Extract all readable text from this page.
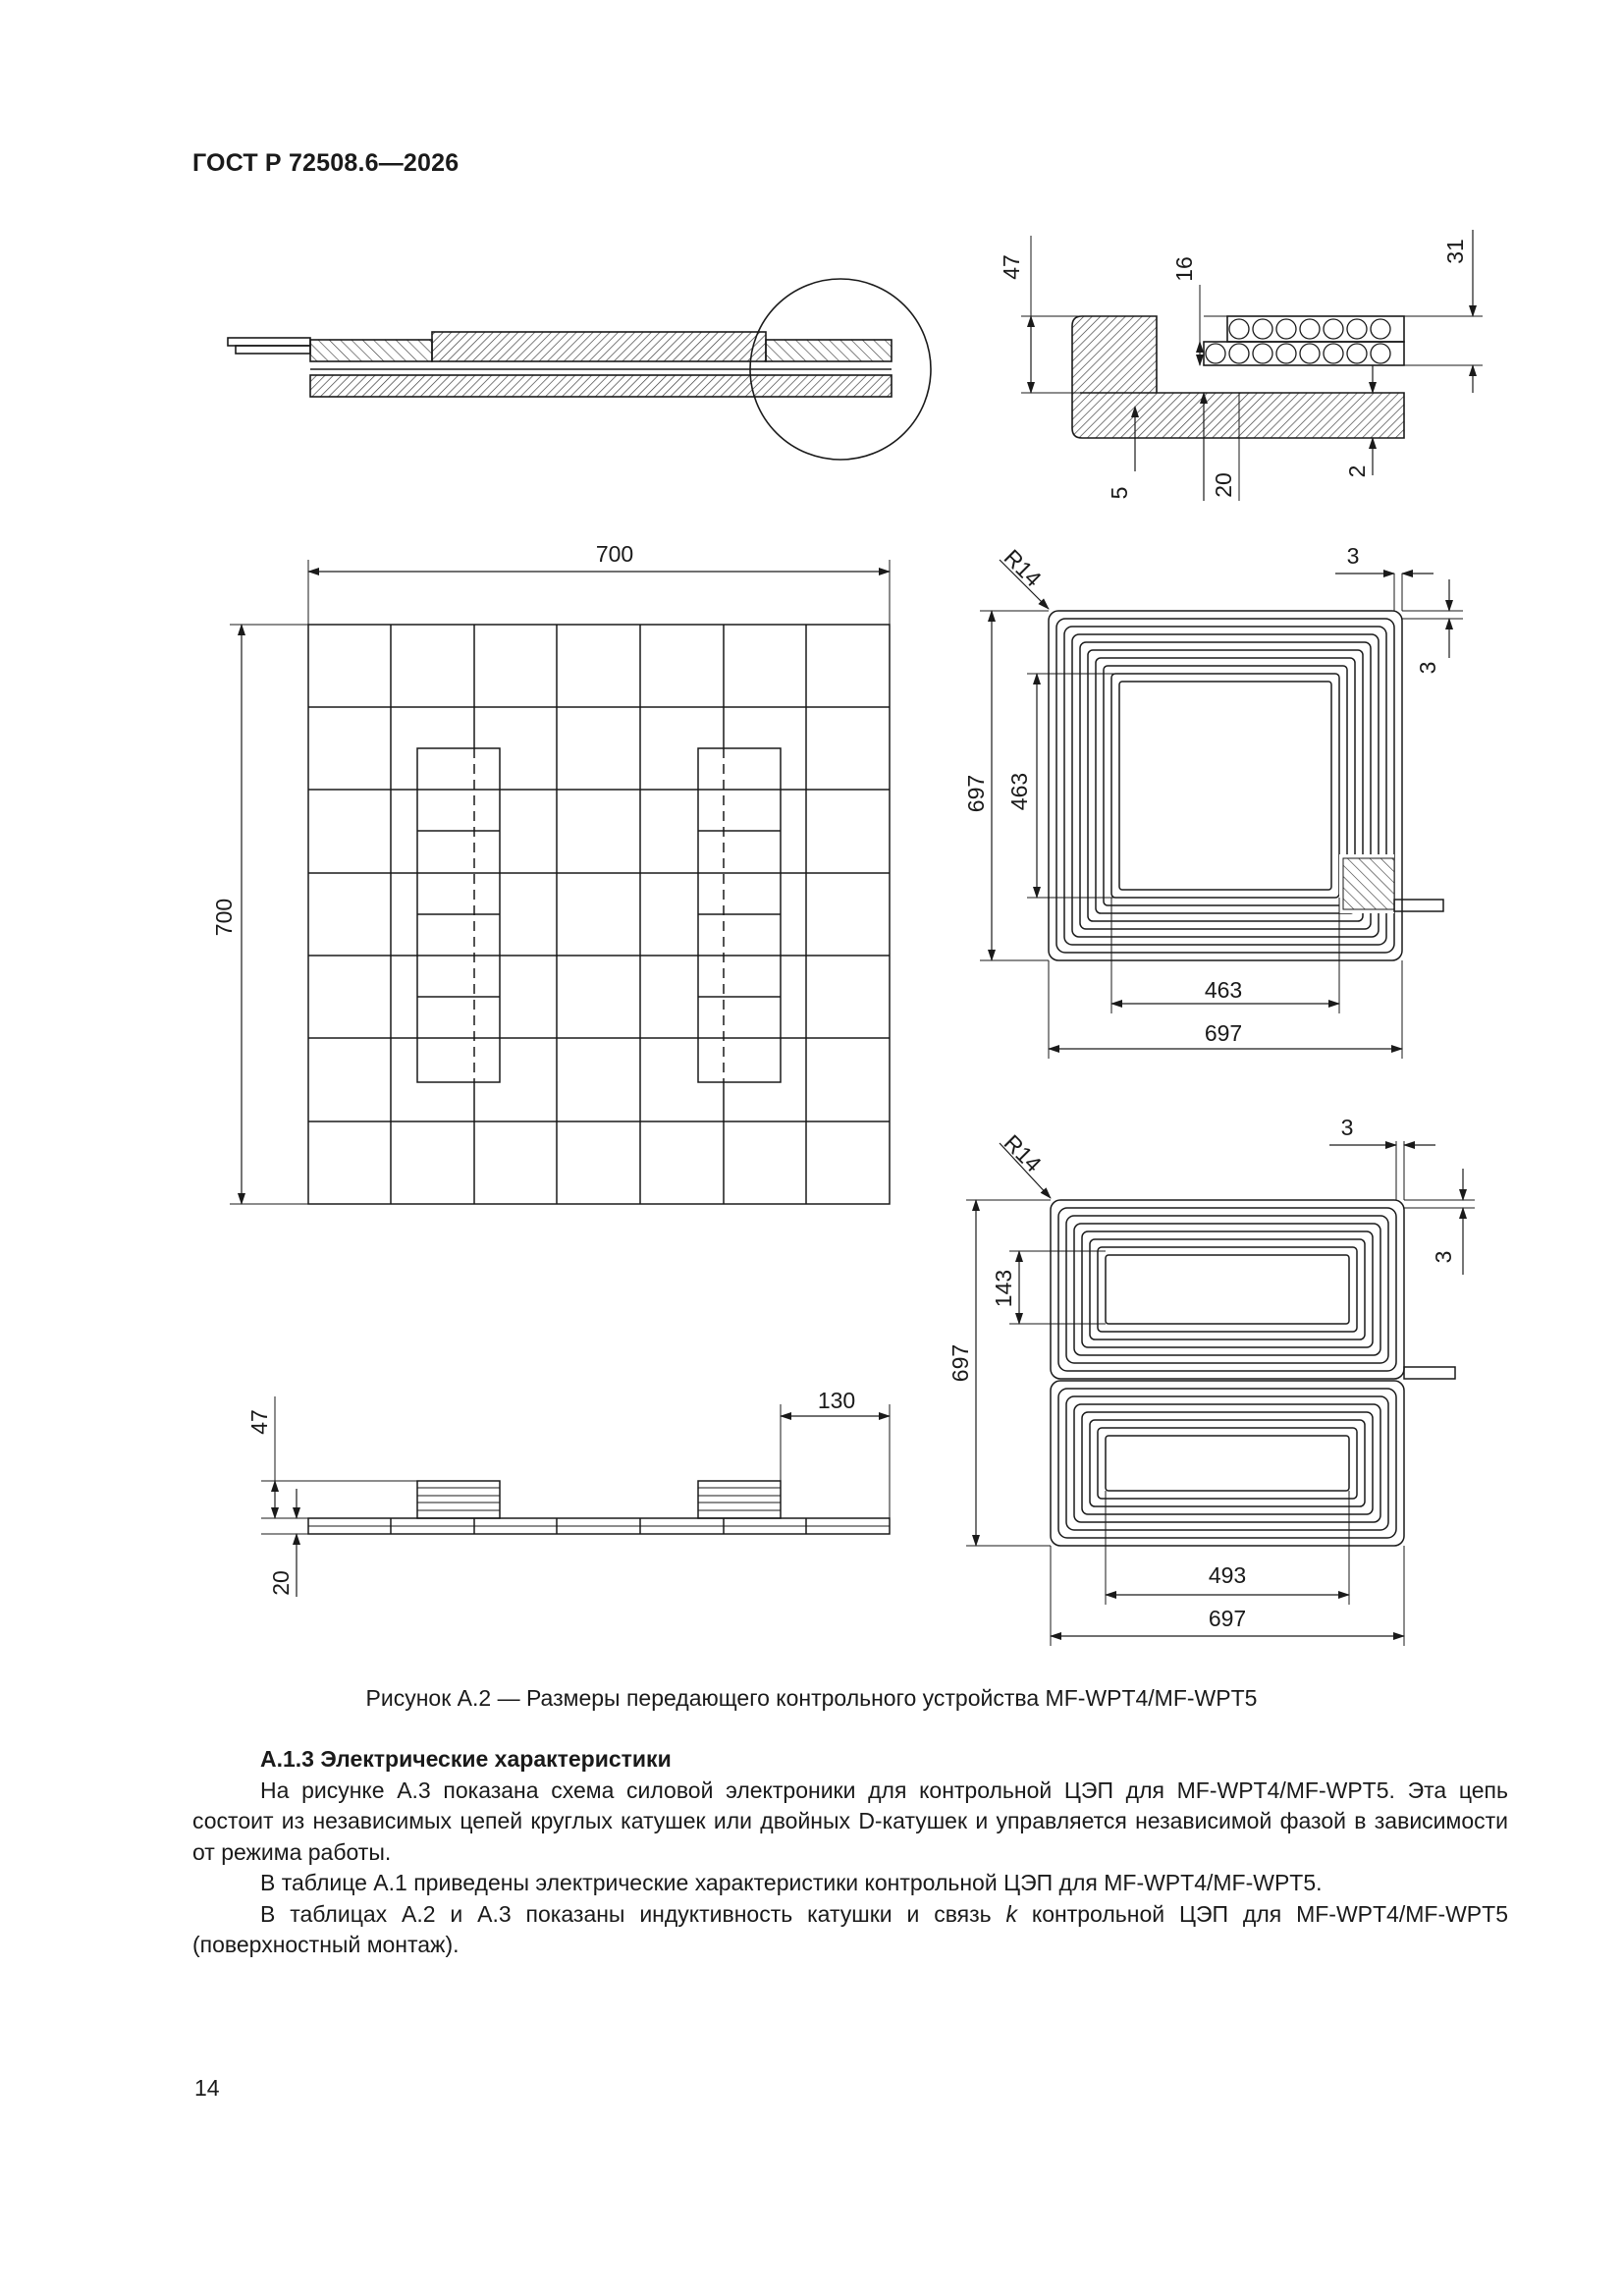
ГОСТ Р 72508.6—2026
47	16
31
5	20
2
700
700
R14	3
3
697 463
463
697
R14
3
3
697
143
493
697
47
20
130
Рисунок А.2 — Размеры передающего контрольного устройства MF-WPT4/MF-WPT5
А.1.3 Электрические характеристики

На рисунке А.3 показана схема силовой электроники для контрольной ЦЭП для MF-WPT4/MF-WPT5. Эта цепь состоит из независимых цепей круглых катушек или двойных D-катушек и управляется независимой фазой в зависимости от режима работы.

В таблице А.1 приведены электрические характеристики контрольной ЦЭП для MF-WPT4/MF-WPT5.

В таблицах А.2 и А.3 показаны индуктивность катушки и связь k контрольной ЦЭП для MF-WPT4/MF-WPT5 (поверхностный монтаж).

14
